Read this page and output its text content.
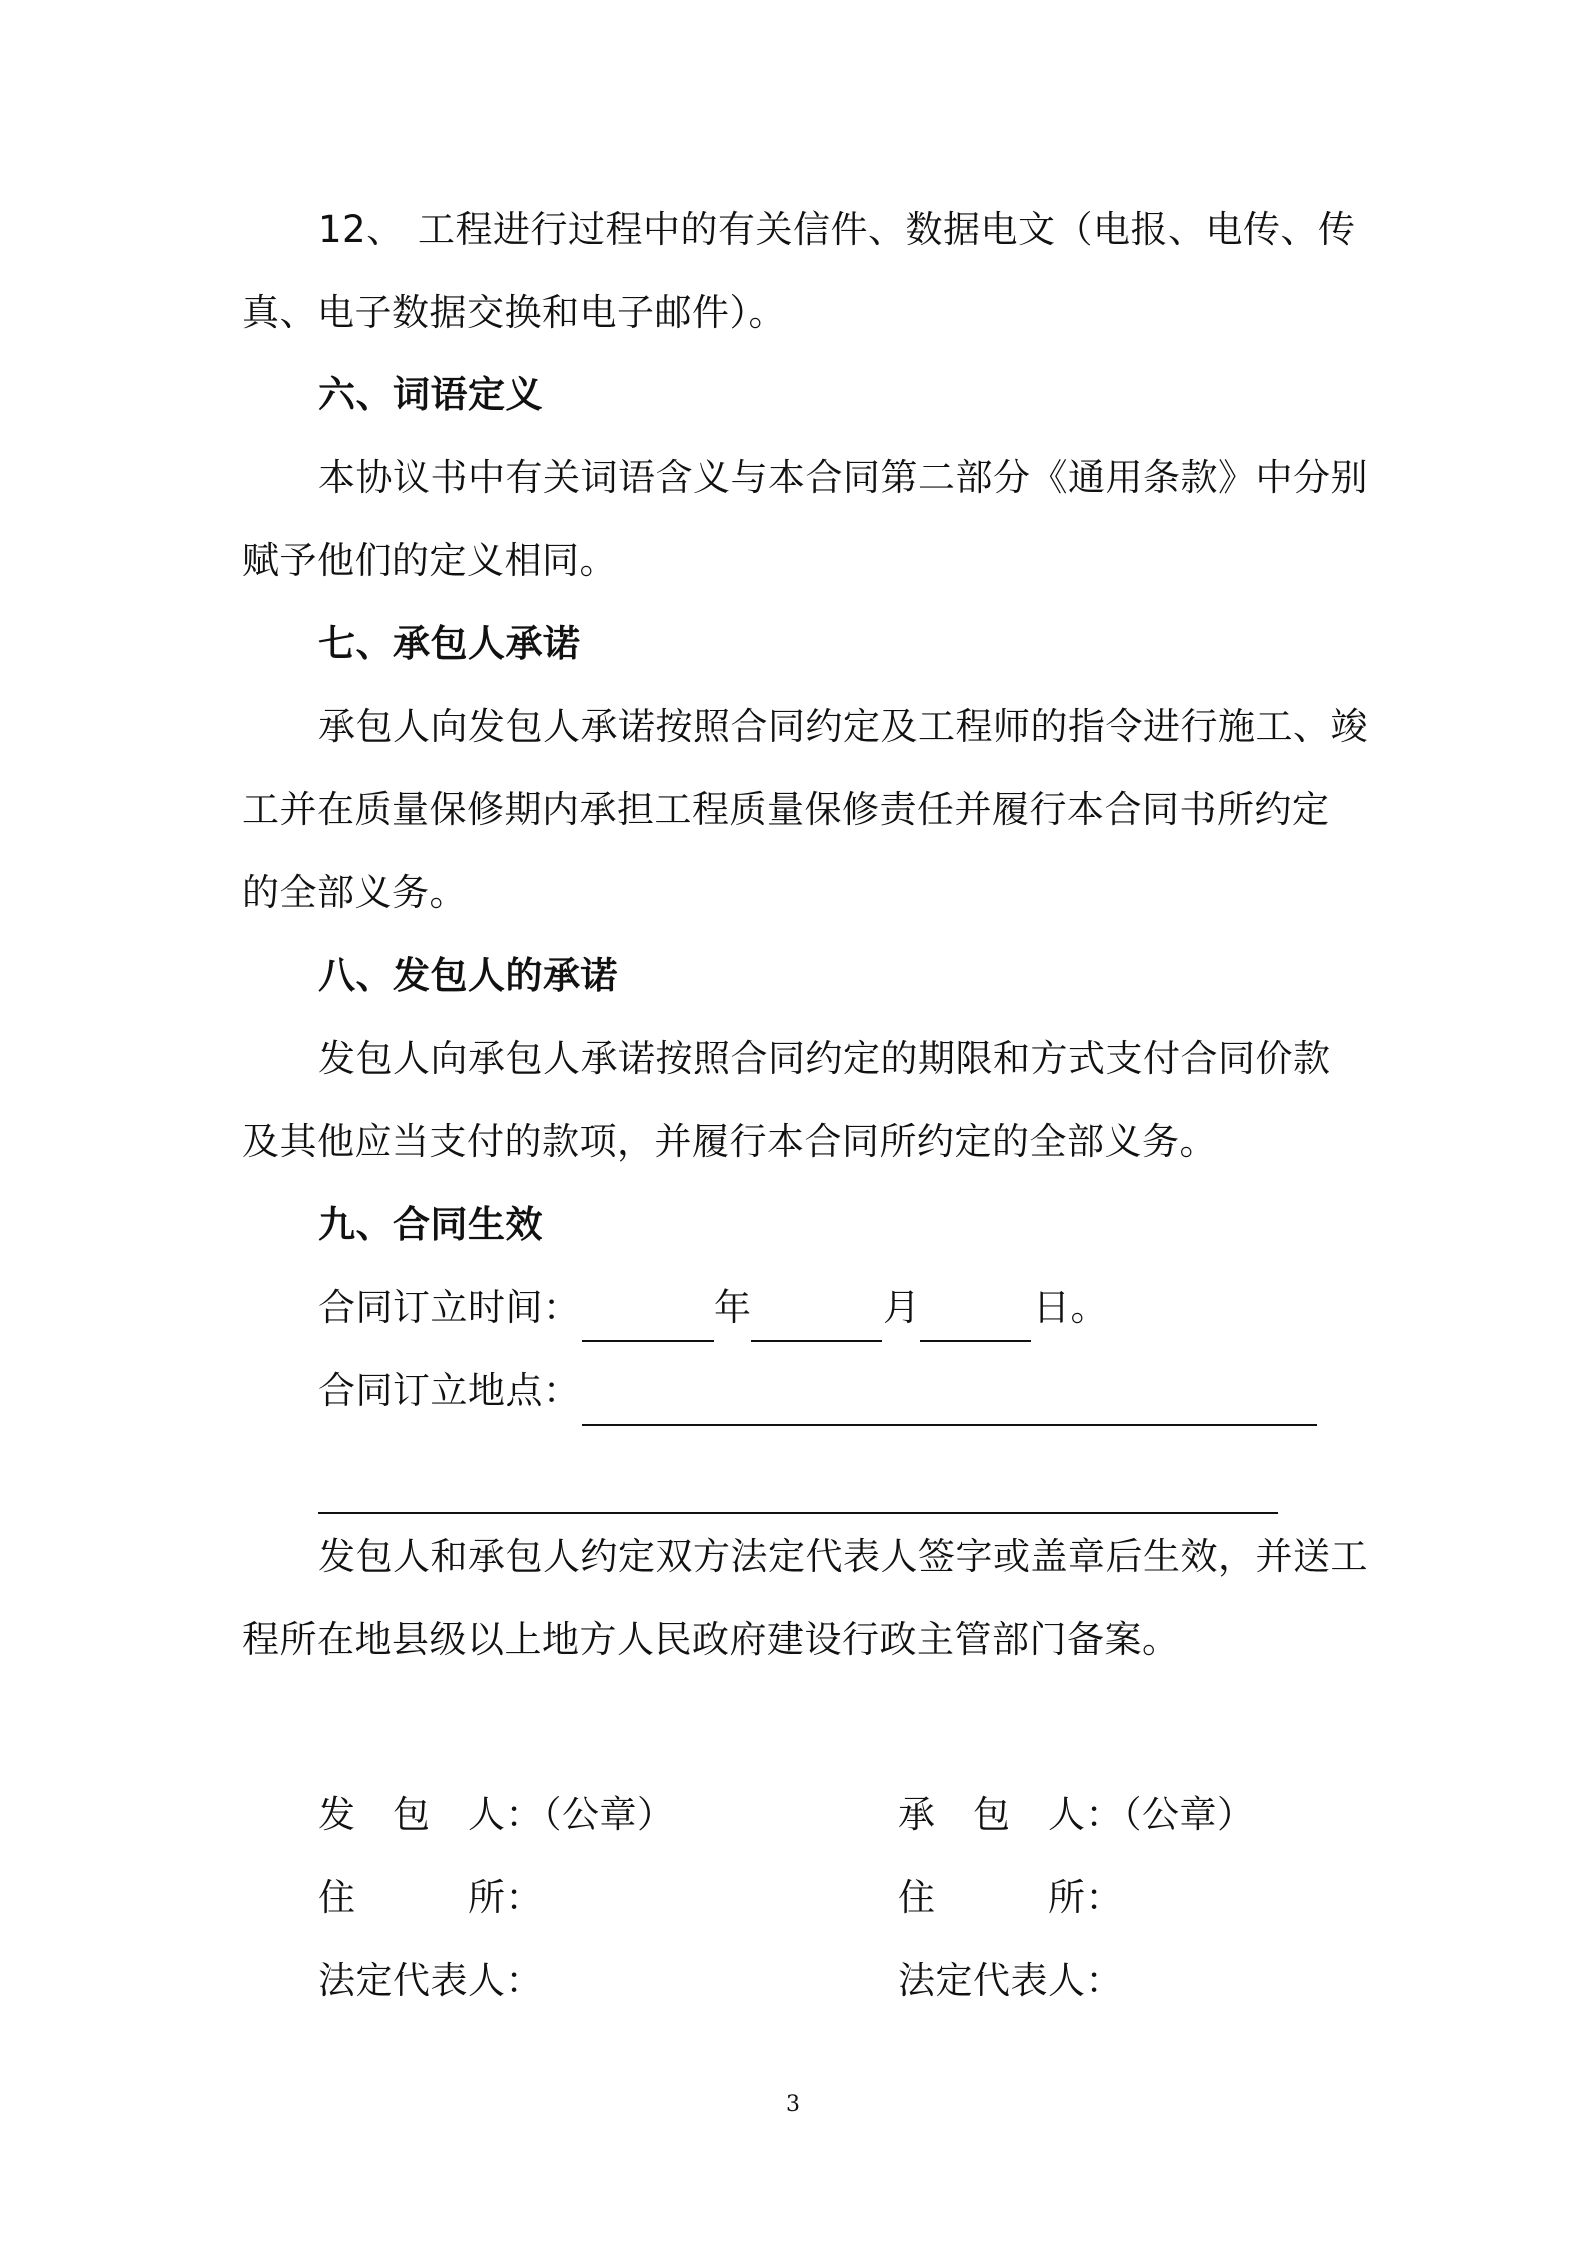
12、 工程进行过程中的有关信件、数据电文（电报、电传、传
真、电子数据交换和电子邮件）。
六、词语定义
本协议书中有关词语含义与本合同第二部分《通用条款》中分别
赋予他们的定义相同。
七、承包人承诺
承包人向发包人承诺按照合同约定及工程师的指令进行施工、竣
工并在质量保修期内承担工程质量保修责任并履行本合同书所约定
的全部义务。
八、发包人的承诺
发包人向承包人承诺按照合同约定的期限和方式支付合同价款
及其他应当支付的款项，并履行本合同所约定的全部义务。
九、合同生效
合同订立时间：	年	月	日。
合同订立地点：
发包人和承包人约定双方法定代表人签字或盖章后生效，并送工
程所在地县级以上地方人民政府建设行政主管部门备案。
发　包　人：（公章）	承　包　人：（公章）
住　　　所：	住　　　所：
法定代表人：	法定代表人：
3
